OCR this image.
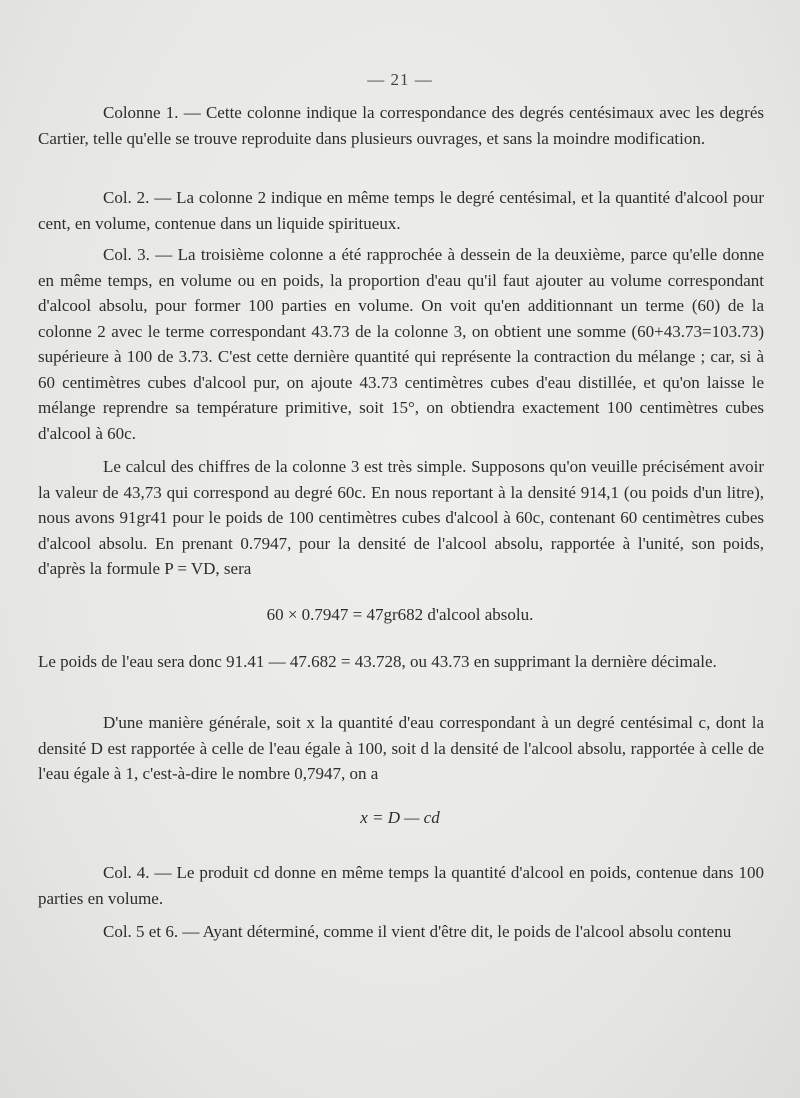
— 21 —
Colonne 1. — Cette colonne indique la correspondance des degrés centésimaux avec les degrés Cartier, telle qu'elle se trouve reproduite dans plusieurs ouvrages, et sans la moindre modification.
Col. 2. — La colonne 2 indique en même temps le degré centésimal, et la quantité d'alcool pour cent, en volume, contenue dans un liquide spiritueux.
Col. 3. — La troisième colonne a été rapprochée à dessein de la deuxième, parce qu'elle donne en même temps, en volume ou en poids, la proportion d'eau qu'il faut ajouter au volume correspondant d'alcool absolu, pour former 100 parties en volume. On voit qu'en additionnant un terme (60) de la colonne 2 avec le terme correspondant 43.73 de la colonne 3, on obtient une somme (60+43.73=103.73) supérieure à 100 de 3.73. C'est cette dernière quantité qui représente la contraction du mélange ; car, si à 60 centimètres cubes d'alcool pur, on ajoute 43.73 centimètres cubes d'eau distillée, et qu'on laisse le mélange reprendre sa température primitive, soit 15°, on obtiendra exactement 100 centimètres cubes d'alcool à 60c.
Le calcul des chiffres de la colonne 3 est très simple. Supposons qu'on veuille précisément avoir la valeur de 43,73 qui correspond au degré 60c. En nous reportant à la densité 914,1 (ou poids d'un litre), nous avons 91gr41 pour le poids de 100 centimètres cubes d'alcool à 60c, contenant 60 centimètres cubes d'alcool absolu. En prenant 0.7947, pour la densité de l'alcool absolu, rapportée à l'unité, son poids, d'après la formule P = VD, sera
60 × 0.7947 = 47gr682 d'alcool absolu.
Le poids de l'eau sera donc 91.41 — 47.682 = 43.728, ou 43.73 en supprimant la dernière décimale.
D'une manière générale, soit x la quantité d'eau correspondant à un degré centésimal c, dont la densité D est rapportée à celle de l'eau égale à 100, soit d la densité de l'alcool absolu, rapportée à celle de l'eau égale à 1, c'est-à-dire le nombre 0,7947, on a
x = D — cd
Col. 4. — Le produit cd donne en même temps la quantité d'alcool en poids, contenue dans 100 parties en volume.
Col. 5 et 6. — Ayant déterminé, comme il vient d'être dit, le poids de l'alcool absolu contenu
